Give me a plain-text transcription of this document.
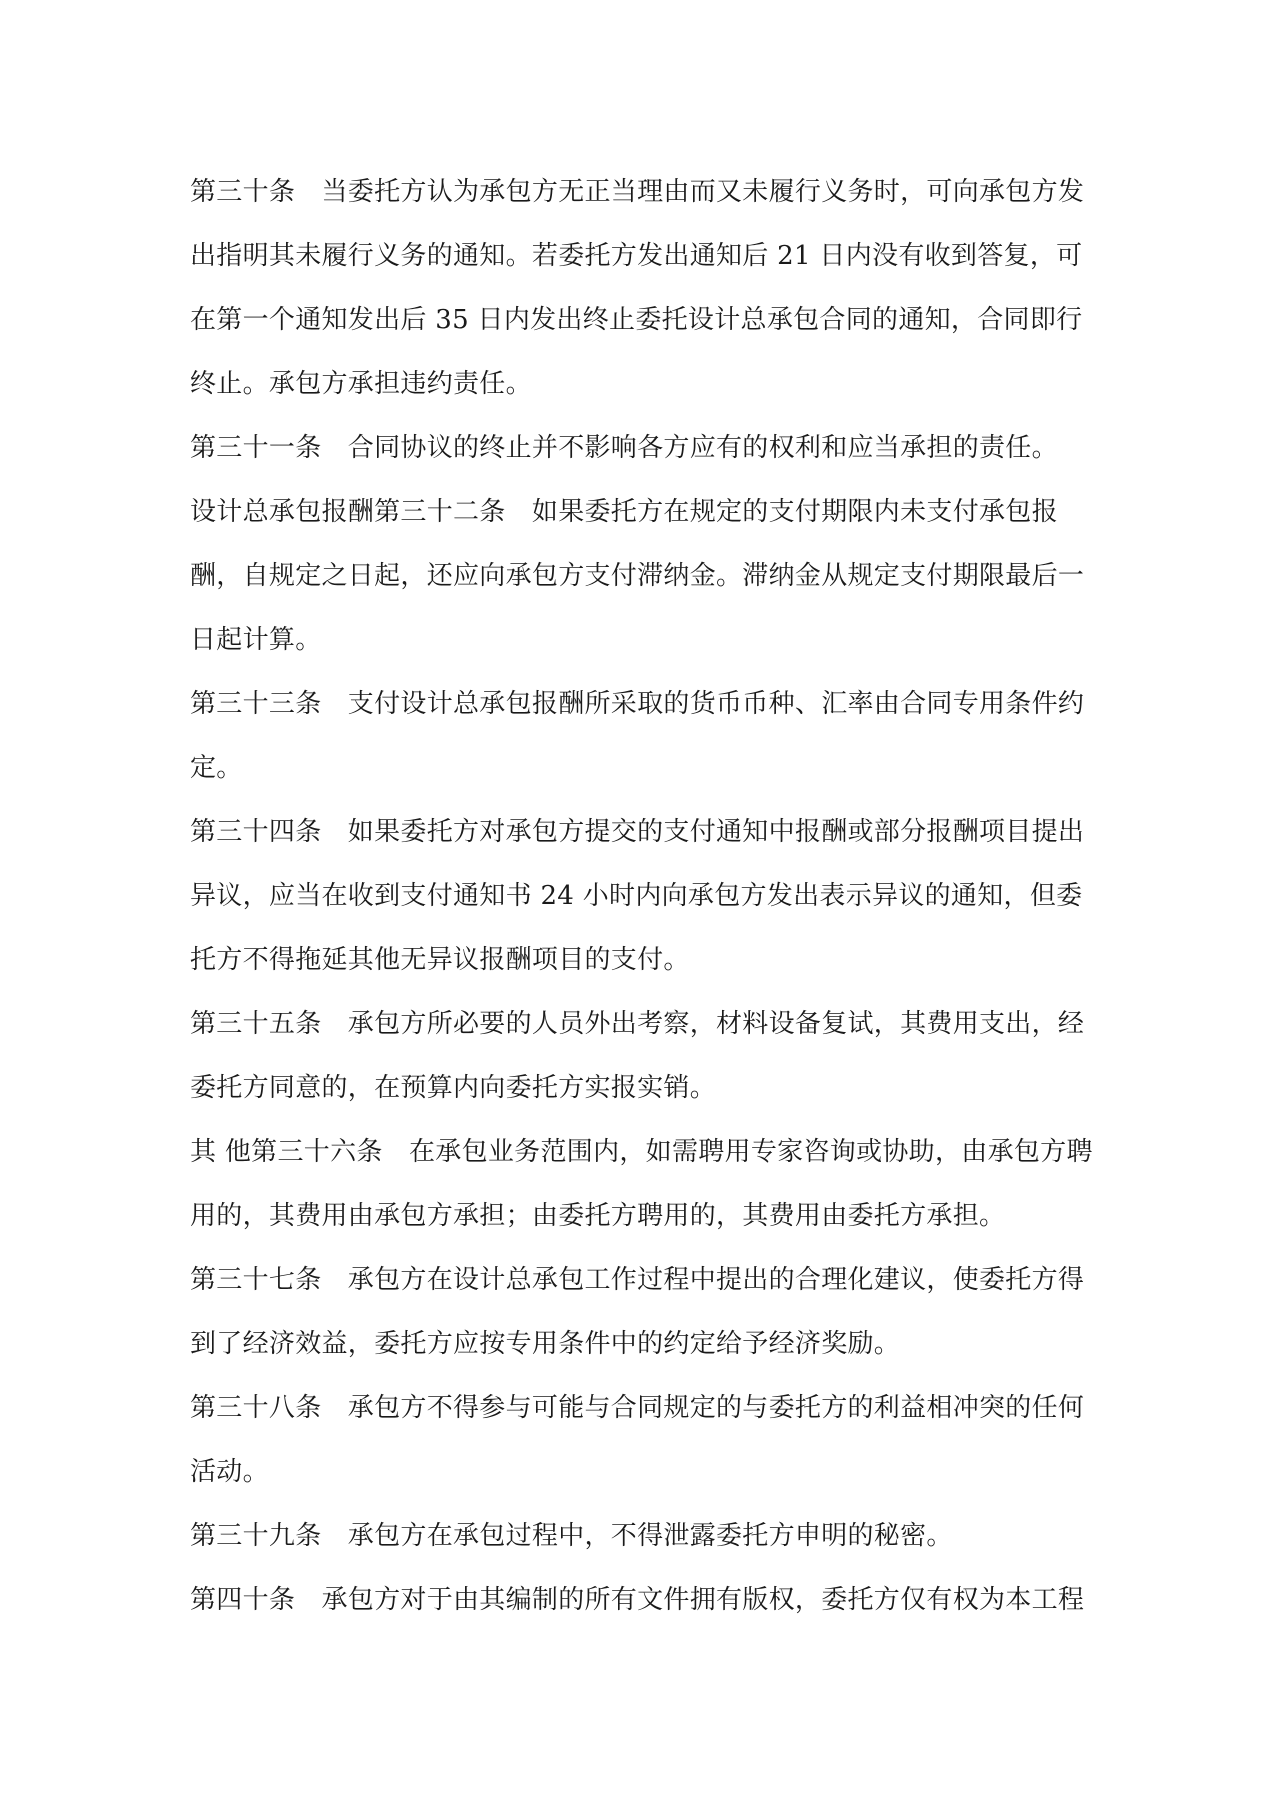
第三十条　当委托方认为承包方无正当理由而又未履行义务时，可向承包方发出指明其未履行义务的通知。若委托方发出通知后 21 日内没有收到答复，可在第一个通知发出后 35 日内发出终止委托设计总承包合同的通知，合同即行终止。承包方承担违约责任。

第三十一条　合同协议的终止并不影响各方应有的权利和应当承担的责任。

设计总承包报酬第三十二条　如果委托方在规定的支付期限内未支付承包报酬，自规定之日起，还应向承包方支付滞纳金。滞纳金从规定支付期限最后一日起计算。

第三十三条　支付设计总承包报酬所采取的货币币种、汇率由合同专用条件约定。

第三十四条　如果委托方对承包方提交的支付通知中报酬或部分报酬项目提出异议，应当在收到支付通知书 24 小时内向承包方发出表示异议的通知，但委托方不得拖延其他无异议报酬项目的支付。

第三十五条　承包方所必要的人员外出考察，材料设备复试，其费用支出，经委托方同意的，在预算内向委托方实报实销。

其 他第三十六条　在承包业务范围内，如需聘用专家咨询或协助，由承包方聘用的，其费用由承包方承担；由委托方聘用的，其费用由委托方承担。

第三十七条　承包方在设计总承包工作过程中提出的合理化建议，使委托方得到了经济效益，委托方应按专用条件中的约定给予经济奖励。

第三十八条　承包方不得参与可能与合同规定的与委托方的利益相冲突的任何活动。

第三十九条　承包方在承包过程中，不得泄露委托方申明的秘密。

第四十条　承包方对于由其编制的所有文件拥有版权，委托方仅有权为本工程
